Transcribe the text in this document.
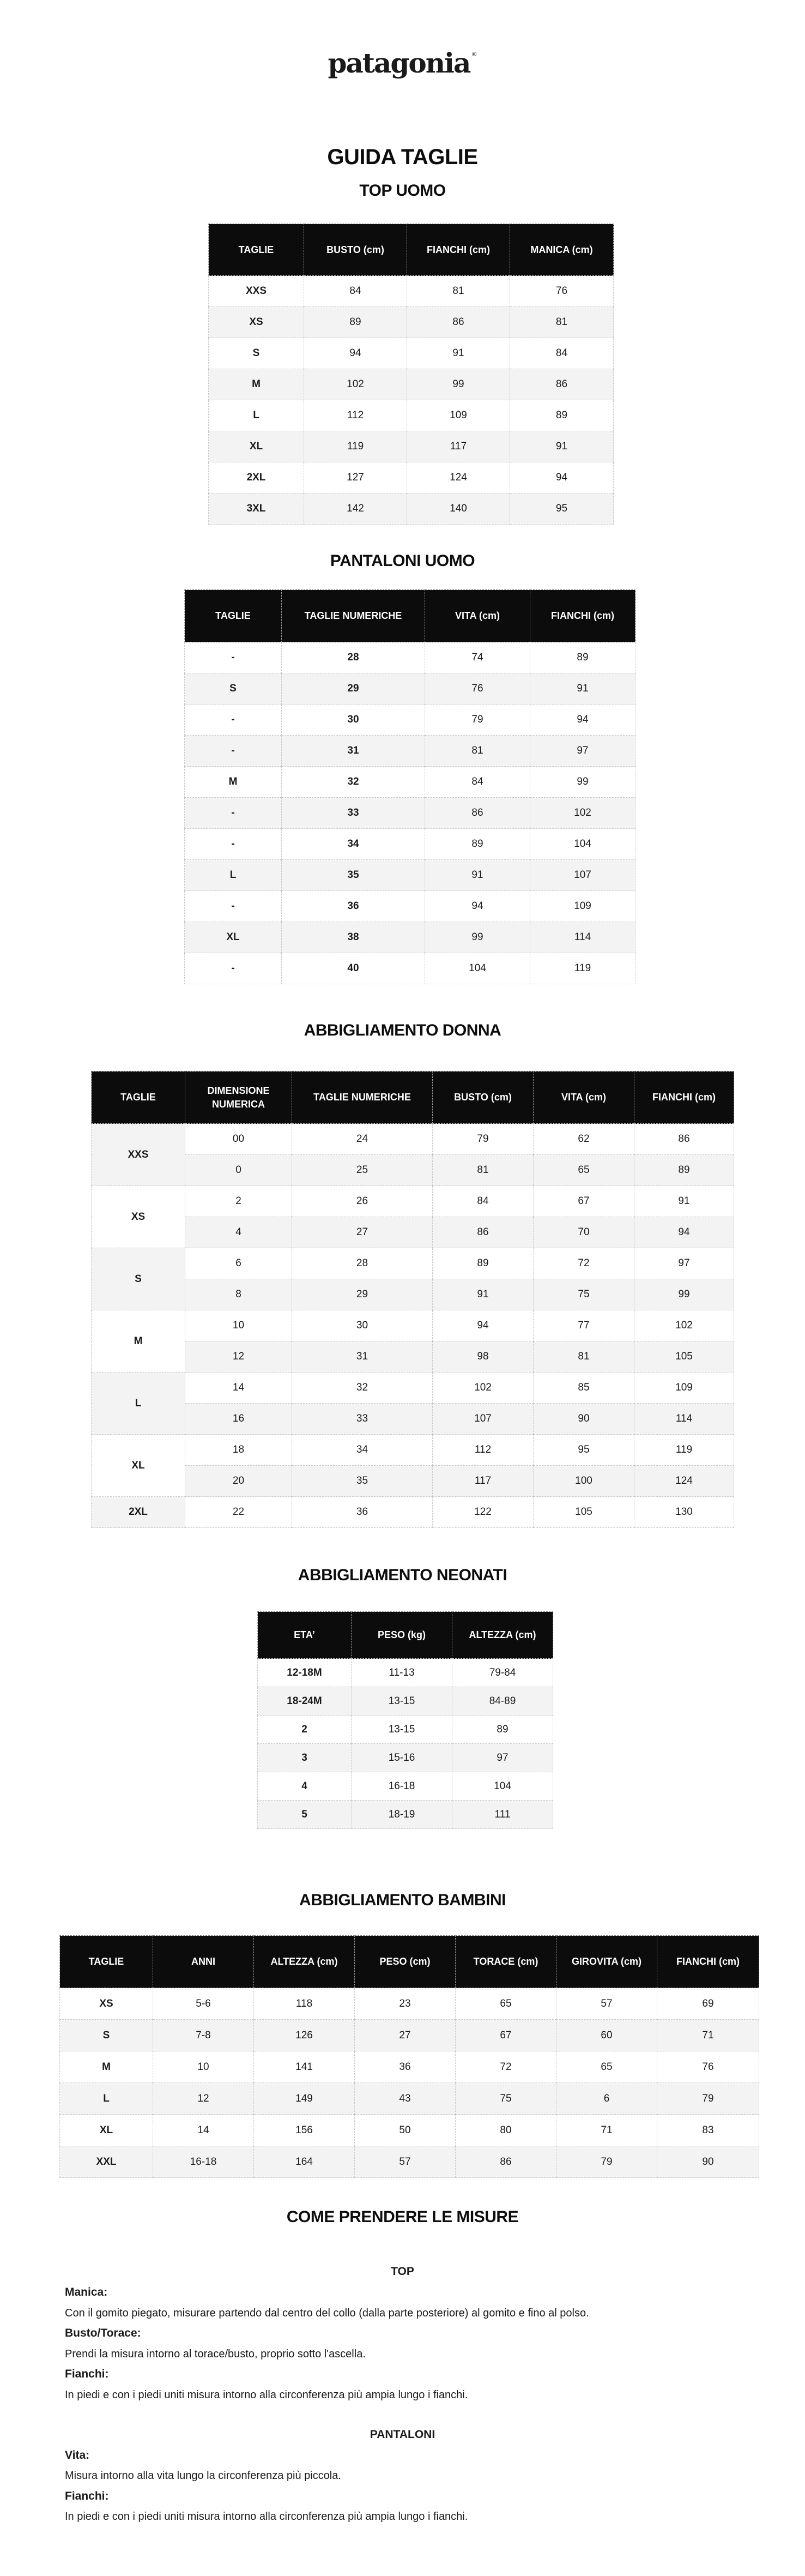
patagonia ®
GUIDA TAGLIE
TOP UOMO
TAGLIE	BUSTO (cm)	FIANCHI (cm)	MANICA (cm)
XXS	84	81	76
XS	89	86	81
S	94	91	84
M	102	99	86
L	112	109	89
XL	119	117	91
2XL	127	124	94
3XL	142	140	95
PANTALONI UOMO
TAGLIE	TAGLIE NUMERICHE	VITA (cm)	FIANCHI (cm)
-	28	74	89
S	29	76	91
-	30	79	94
-	31	81	97
M	32	84	99
-	33	86	102
-	34	89	104
L	35	91	107
-	36	94	109
XL	38	99	114
-	40	104	119
ABBIGLIAMENTO DONNA
TAGLIE	DIMENSIONE NUMERICA	TAGLIE NUMERICHE	BUSTO (cm)	VITA (cm)	FIANCHI (cm)
XXS	00	24	79	62	86
	0	25	81	65	89
XS	2	26	84	67	91
	4	27	86	70	94
S	6	28	89	72	97
	8	29	91	75	99
M	10	30	94	77	102
	12	31	98	81	105
L	14	32	102	85	109
	16	33	107	90	114
XL	18	34	112	95	119
	20	35	117	100	124
2XL	22	36	122	105	130
ABBIGLIAMENTO NEONATI
ETA’	PESO (kg)	ALTEZZA (cm)
12-18M	11-13	79-84
18-24M	13-15	84-89
2	13-15	89
3	15-16	97
4	16-18	104
5	18-19	111
ABBIGLIAMENTO BAMBINI
TAGLIE	ANNI	ALTEZZA (cm)	PESO (cm)	TORACE (cm)	GIROVITA (cm)	FIANCHI (cm)
XS	5-6	118	23	65	57	69
S	7-8	126	27	67	60	71
M	10	141	36	72	65	76
L	12	149	43	75	6	79
XL	14	156	50	80	71	83
XXL	16-18	164	57	86	79	90
COME PRENDERE LE MISURE
TOP
Manica:
Con il gomito piegato, misurare partendo dal centro del collo (dalla parte posteriore) al gomito e fino al polso.
Busto/Torace:
Prendi la misura intorno al torace/busto, proprio sotto l'ascella.
Fianchi:
In piedi e con i piedi uniti misura intorno alla circonferenza più ampia lungo i fianchi.
PANTALONI
Vita:
Misura intorno alla vita lungo la circonferenza più piccola.
Fianchi:
In piedi e con i piedi uniti misura intorno alla circonferenza più ampia lungo i fianchi.
